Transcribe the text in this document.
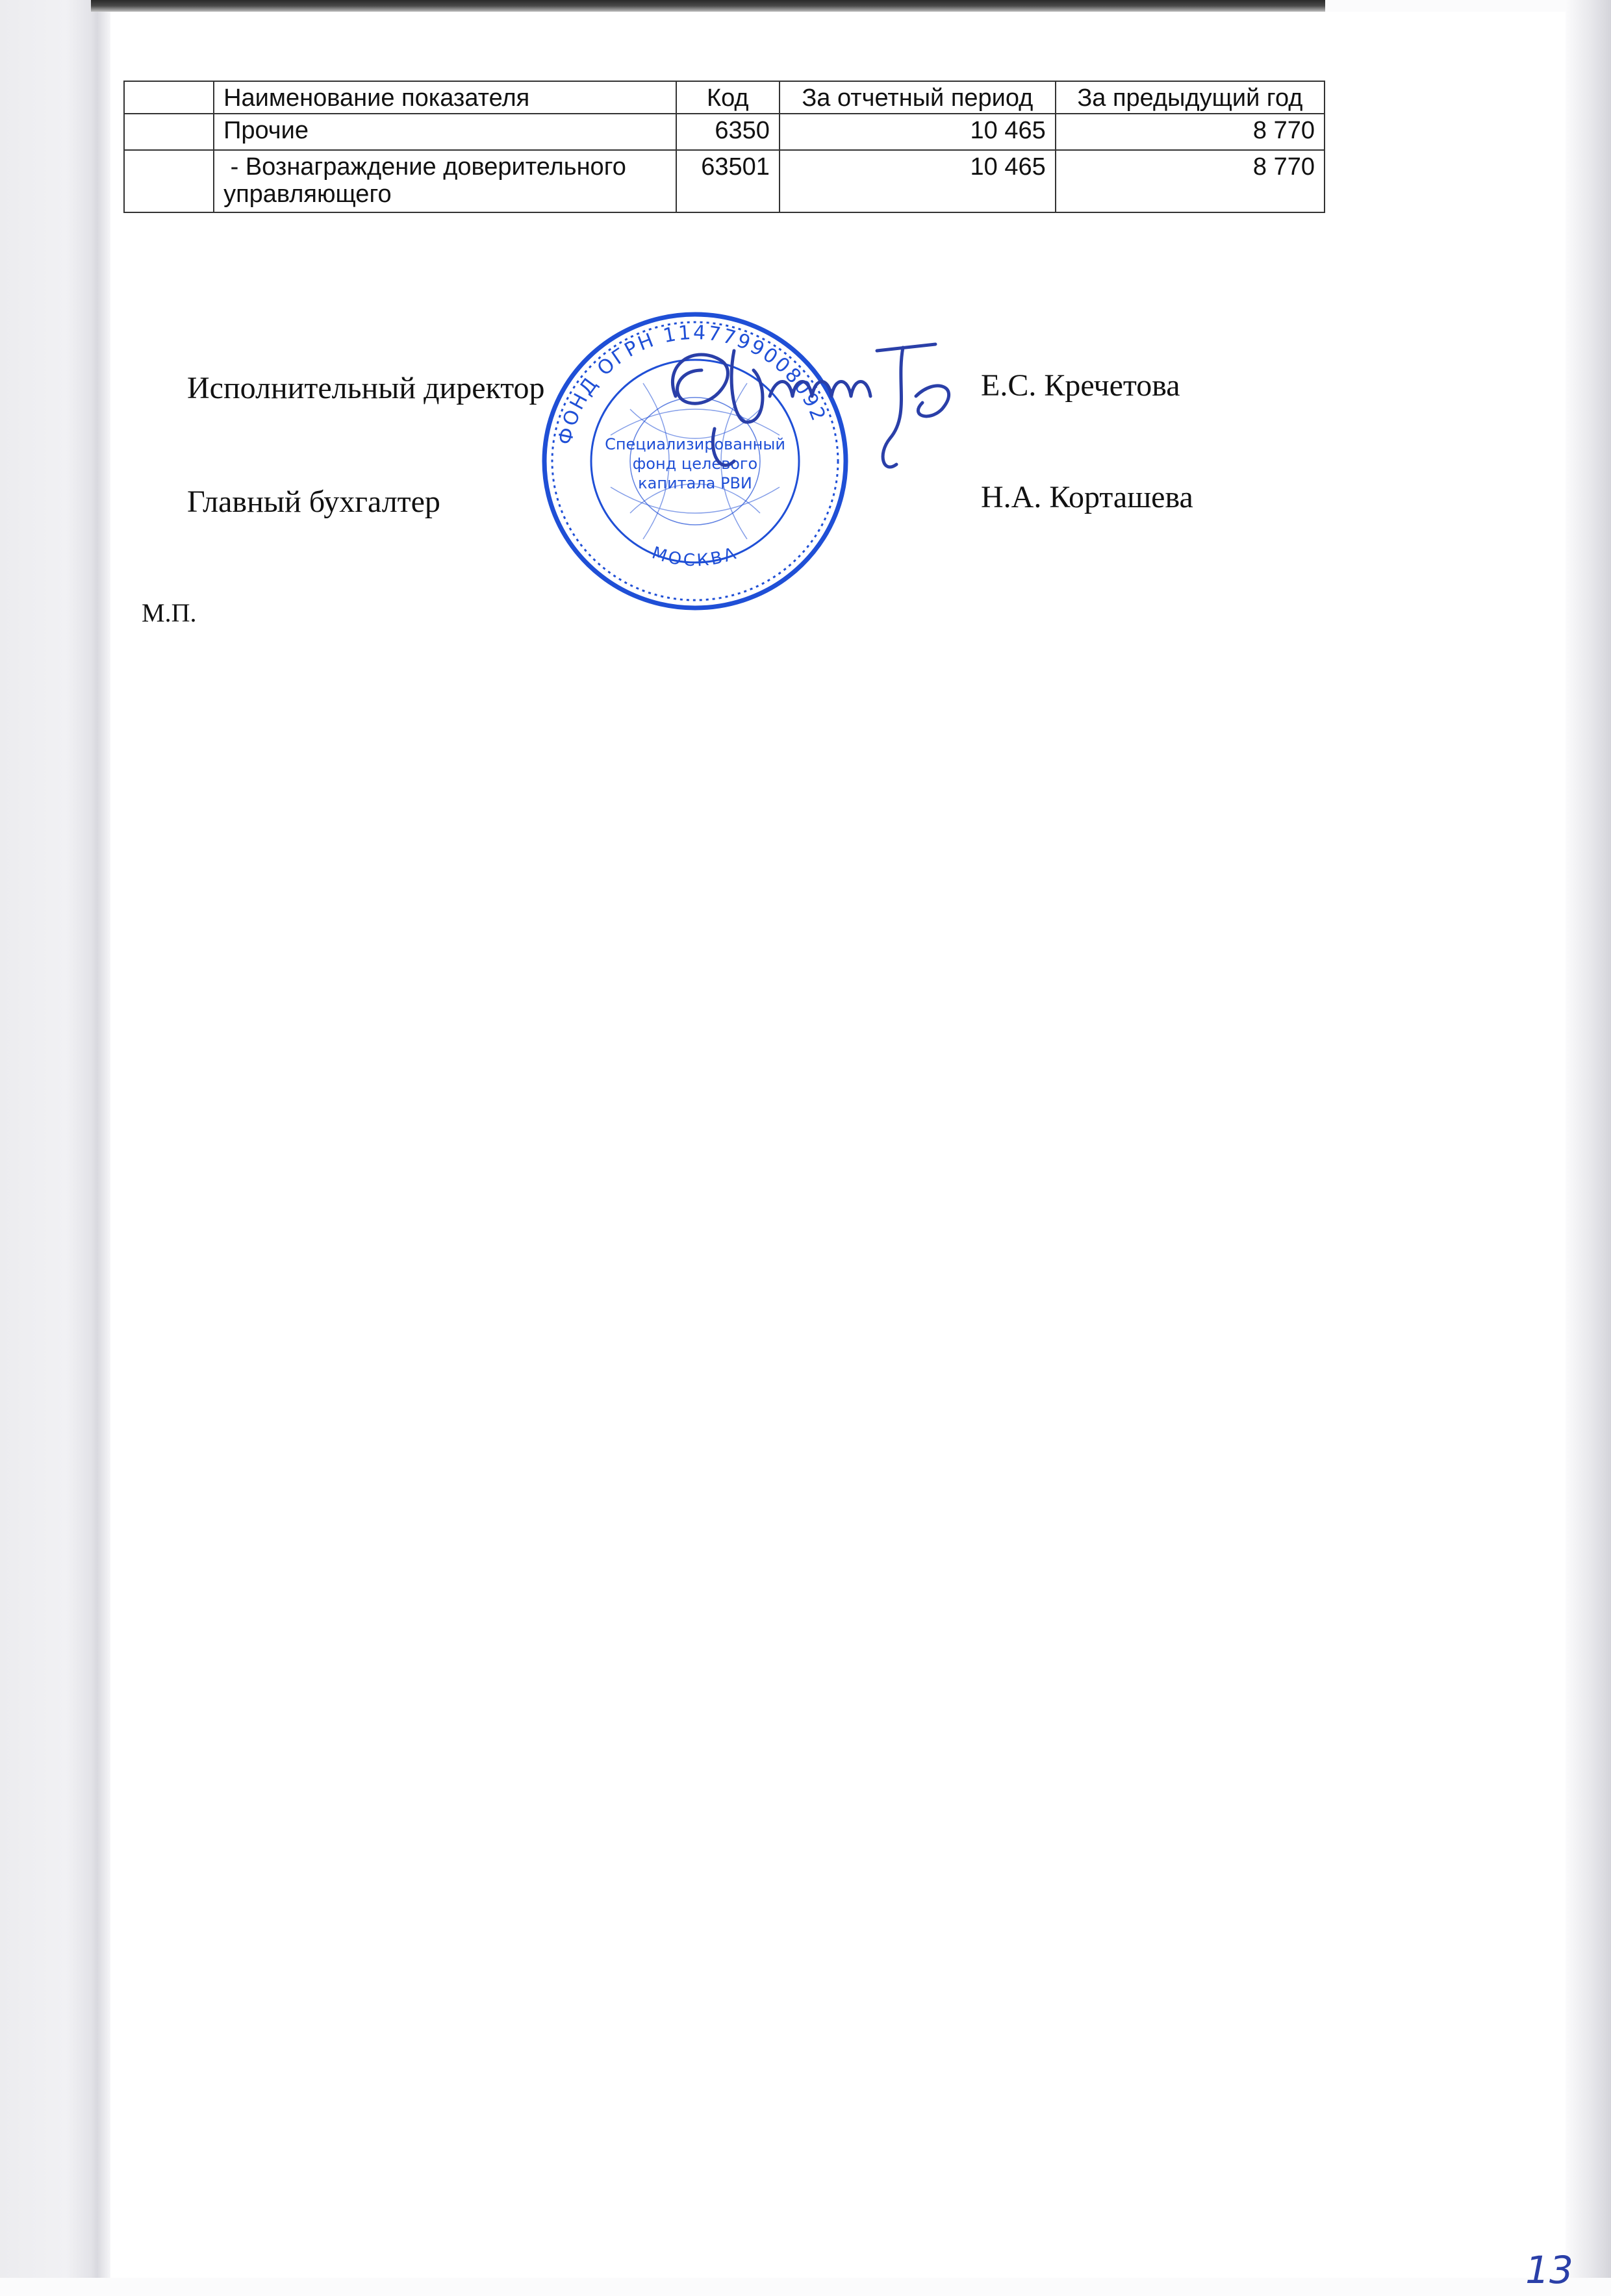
	Наименование показателя	Код	За отчетный период	За предыдущий год
	Прочие	6350	10 465	8 770
	- Вознаграждение доверительного управляющего	63501	10 465	8 770
Исполнительный директор	Е.С. Кречетова
Главный бухгалтер	Н.А. Корташева
М.П.
ФОНД ОГРН 1147799008092
МОСКВА
Специализированный
фонд целевого
капитала РВИ
13
